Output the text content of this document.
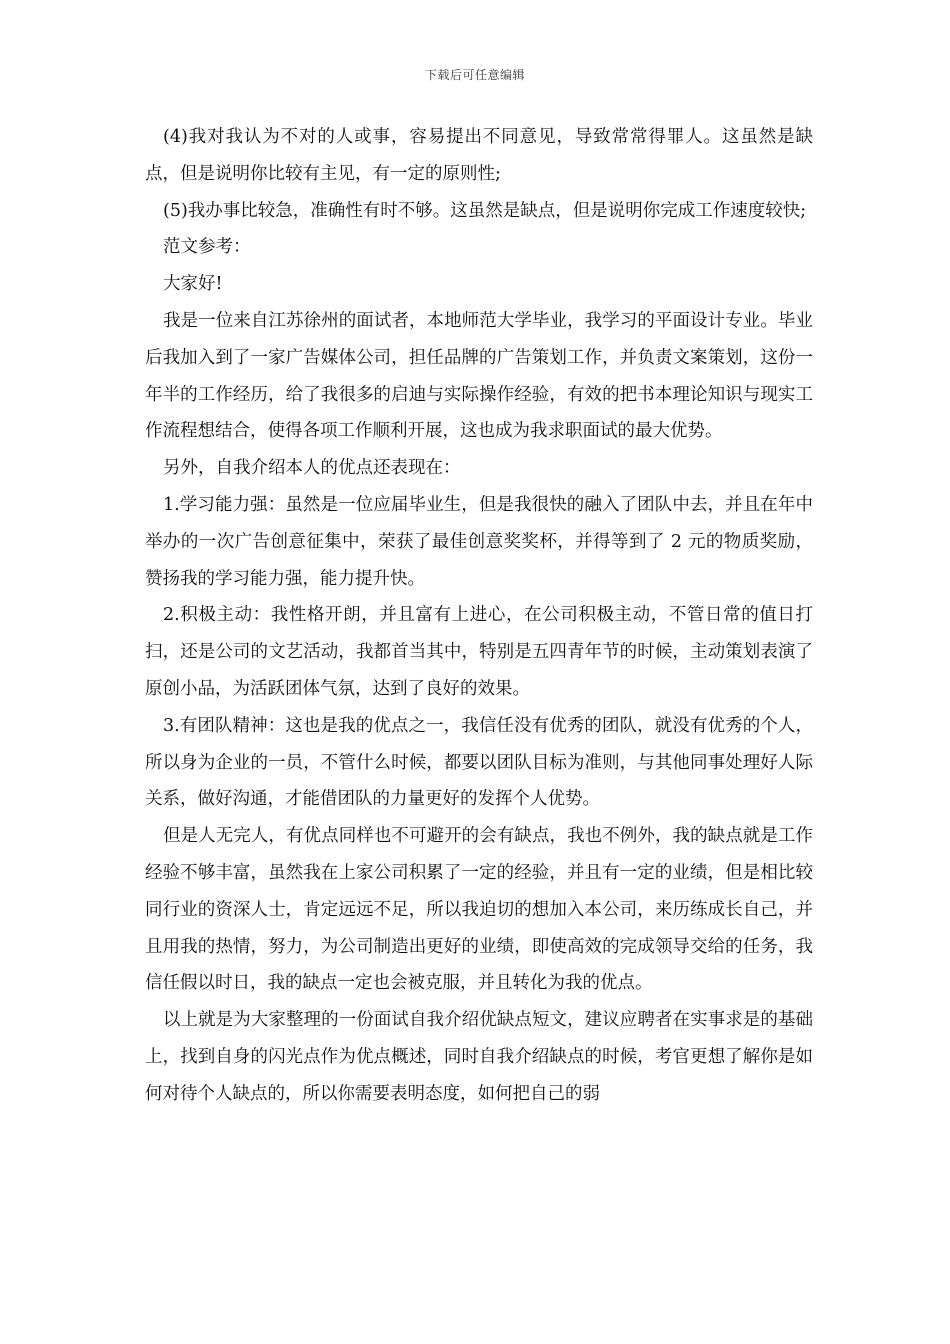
下载后可任意编辑

(4)我对我认为不对的人或事，容易提出不同意见，导致常常得罪人。这虽然是缺点，但是说明你比较有主见，有一定的原则性;

(5)我办事比较急，准确性有时不够。这虽然是缺点，但是说明你完成工作速度较快;

范文参考：

大家好!

我是一位来自江苏徐州的面试者，本地师范大学毕业，我学习的平面设计专业。毕业后我加入到了一家广告媒体公司，担任品牌的广告策划工作，并负责文案策划，这份一年半的工作经历，给了我很多的启迪与实际操作经验，有效的把书本理论知识与现实工作流程想结合，使得各项工作顺利开展，这也成为我求职面试的最大优势。

另外，自我介绍本人的优点还表现在：

1.学习能力强：虽然是一位应届毕业生，但是我很快的融入了团队中去，并且在年中举办的一次广告创意征集中，荣获了最佳创意奖奖杯，并得等到了 2 元的物质奖励，赞扬我的学习能力强，能力提升快。

2.积极主动：我性格开朗，并且富有上进心，在公司积极主动，不管日常的值日打扫，还是公司的文艺活动，我都首当其中，特别是五四青年节的时候，主动策划表演了原创小品，为活跃团体气氛，达到了良好的效果。

3.有团队精神：这也是我的优点之一，我信任没有优秀的团队，就没有优秀的个人，所以身为企业的一员，不管什么时候，都要以团队目标为准则，与其他同事处理好人际关系，做好沟通，才能借团队的力量更好的发挥个人优势。

但是人无完人，有优点同样也不可避开的会有缺点，我也不例外，我的缺点就是工作经验不够丰富，虽然我在上家公司积累了一定的经验，并且有一定的业绩，但是相比较同行业的资深人士，肯定远远不足，所以我迫切的想加入本公司，来历练成长自己，并且用我的热情，努力，为公司制造出更好的业绩，即使高效的完成领导交给的任务，我信任假以时日，我的缺点一定也会被克服，并且转化为我的优点。

以上就是为大家整理的一份面试自我介绍优缺点短文，建议应聘者在实事求是的基础上，找到自身的闪光点作为优点概述，同时自我介绍缺点的时候，考官更想了解你是如何对待个人缺点的，所以你需要表明态度，如何把自己的弱
